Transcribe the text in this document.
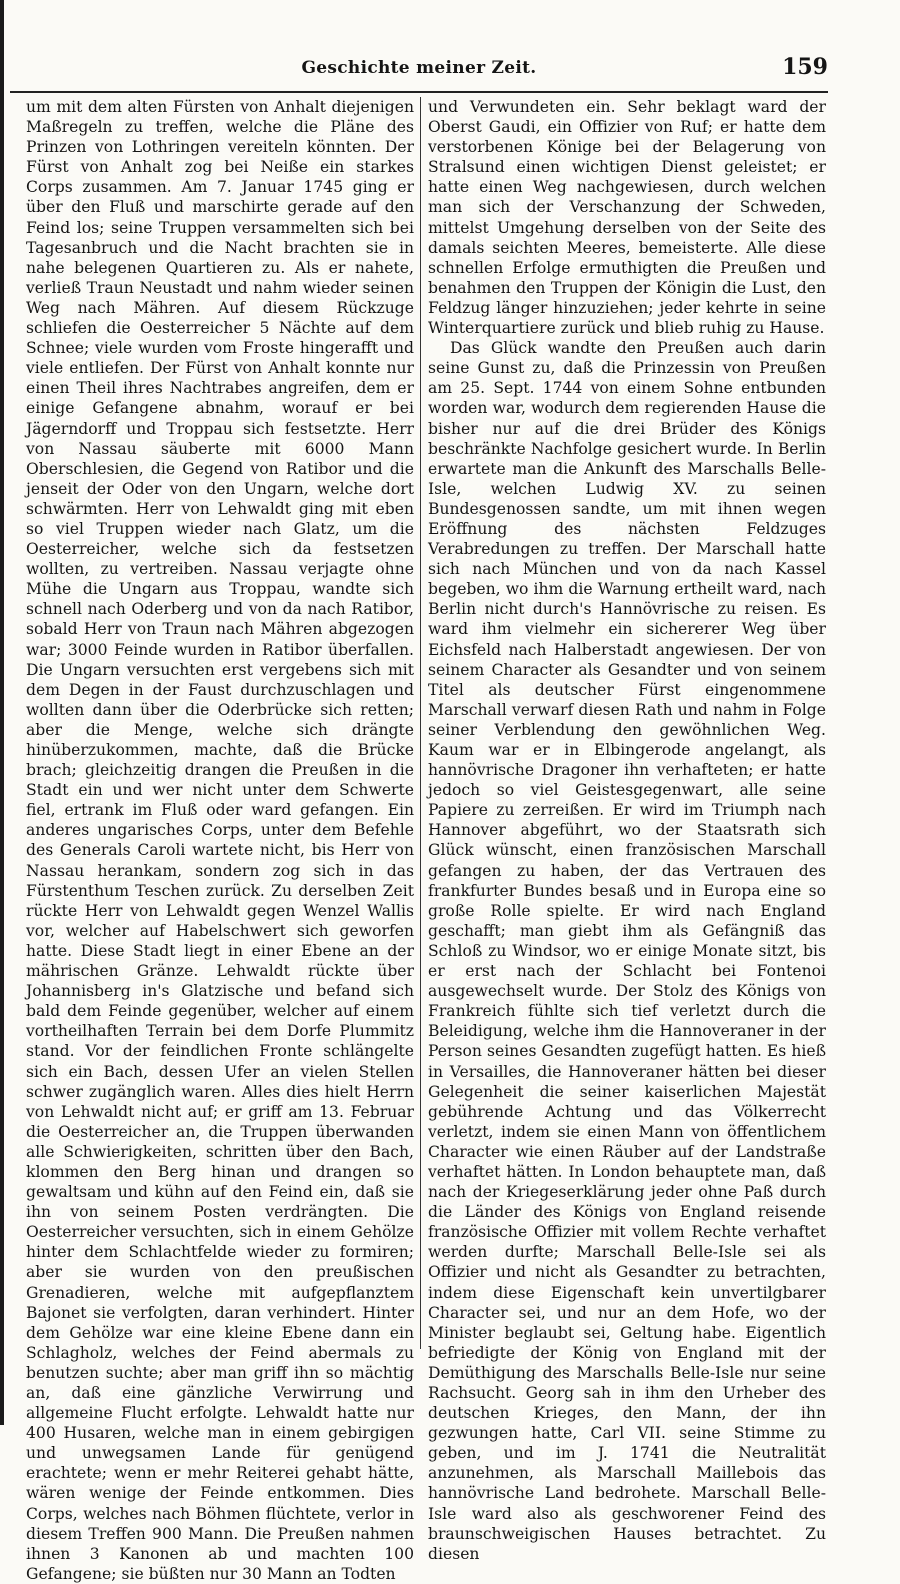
Geschichte meiner Zeit.	159

um mit dem alten Fürsten von Anhalt diejenigen Maßregeln zu treffen, welche die Pläne des Prinzen von Lothringen vereiteln könnten. Der Fürst von Anhalt zog bei Neiße ein starkes Corps zusammen. Am 7. Januar 1745 ging er über den Fluß und marschirte gerade auf den Feind los; seine Truppen versammelten sich bei Tagesanbruch und die Nacht brachten sie in nahe belegenen Quartieren zu. Als er nahete, verließ Traun Neustadt und nahm wieder seinen Weg nach Mähren. Auf diesem Rückzuge schliefen die Oesterreicher 5 Nächte auf dem Schnee; viele wurden vom Froste hingerafft und viele entliefen. Der Fürst von Anhalt konnte nur einen Theil ihres Nachtrabes angreifen, dem er einige Gefangene abnahm, worauf er bei Jägerndorff und Troppau sich festsetzte. Herr von Nassau säuberte mit 6000 Mann Oberschlesien, die Gegend von Ratibor und die jenseit der Oder von den Ungarn, welche dort schwärmten. Herr von Lehwaldt ging mit eben so viel Truppen wieder nach Glatz, um die Oesterreicher, welche sich da festsetzen wollten, zu vertreiben. Nassau verjagte ohne Mühe die Ungarn aus Troppau, wandte sich schnell nach Oderberg und von da nach Ratibor, sobald Herr von Traun nach Mähren abgezogen war; 3000 Feinde wurden in Ratibor überfallen. Die Ungarn versuchten erst vergebens sich mit dem Degen in der Faust durchzuschlagen und wollten dann über die Oderbrücke sich retten; aber die Menge, welche sich drängte hinüberzukommen, machte, daß die Brücke brach; gleichzeitig drangen die Preußen in die Stadt ein und wer nicht unter dem Schwerte fiel, ertrank im Fluß oder ward gefangen. Ein anderes ungarisches Corps, unter dem Befehle des Generals Caroli wartete nicht, bis Herr von Nassau herankam, sondern zog sich in das Fürstenthum Teschen zurück. Zu derselben Zeit rückte Herr von Lehwaldt gegen Wenzel Wallis vor, welcher auf Habelschwert sich geworfen hatte. Diese Stadt liegt in einer Ebene an der mährischen Gränze. Lehwaldt rückte über Johannisberg in's Glatzische und befand sich bald dem Feinde gegenüber, welcher auf einem vortheilhaften Terrain bei dem Dorfe Plummitz stand. Vor der feindlichen Fronte schlängelte sich ein Bach, dessen Ufer an vielen Stellen schwer zugänglich waren. Alles dies hielt Herrn von Lehwaldt nicht auf; er griff am 13. Februar die Oesterreicher an, die Truppen überwanden alle Schwierigkeiten, schritten über den Bach, klommen den Berg hinan und drangen so gewaltsam und kühn auf den Feind ein, daß sie ihn von seinem Posten verdrängten. Die Oesterreicher versuchten, sich in einem Gehölze hinter dem Schlachtfelde wieder zu formiren; aber sie wurden von den preußischen Grenadieren, welche mit aufgepflanztem Bajonet sie verfolgten, daran verhindert. Hinter dem Gehölze war eine kleine Ebene dann ein Schlagholz, welches der Feind abermals zu benutzen suchte; aber man griff ihn so mächtig an, daß eine gänzliche Verwirrung und allgemeine Flucht erfolgte. Lehwaldt hatte nur 400 Husaren, welche man in einem gebirgigen und unwegsamen Lande für genügend erachtete; wenn er mehr Reiterei gehabt hätte, wären wenige der Feinde entkommen. Dies Corps, welches nach Böhmen flüchtete, verlor in diesem Treffen 900 Mann. Die Preußen nahmen ihnen 3 Kanonen ab und machten 100 Gefangene; sie büßten nur 30 Mann an Todten

und Verwundeten ein. Sehr beklagt ward der Oberst Gaudi, ein Offizier von Ruf; er hatte dem verstorbenen Könige bei der Belagerung von Stralsund einen wichtigen Dienst geleistet; er hatte einen Weg nachgewiesen, durch welchen man sich der Verschanzung der Schweden, mittelst Umgehung derselben von der Seite des damals seichten Meeres, bemeisterte. Alle diese schnellen Erfolge ermuthigten die Preußen und benahmen den Truppen der Königin die Lust, den Feldzug länger hinzuziehen; jeder kehrte in seine Winterquartiere zurück und blieb ruhig zu Hause.

Das Glück wandte den Preußen auch darin seine Gunst zu, daß die Prinzessin von Preußen am 25. Sept. 1744 von einem Sohne entbunden worden war, wodurch dem regierenden Hause die bisher nur auf die drei Brüder des Königs beschränkte Nachfolge gesichert wurde. In Berlin erwartete man die Ankunft des Marschalls Belle-Isle, welchen Ludwig XV. zu seinen Bundesgenossen sandte, um mit ihnen wegen Eröffnung des nächsten Feldzuges Verabredungen zu treffen. Der Marschall hatte sich nach München und von da nach Kassel begeben, wo ihm die Warnung ertheilt ward, nach Berlin nicht durch's Hannövrische zu reisen. Es ward ihm vielmehr ein sichererer Weg über Eichsfeld nach Halberstadt angewiesen. Der von seinem Character als Gesandter und von seinem Titel als deutscher Fürst eingenommene Marschall verwarf diesen Rath und nahm in Folge seiner Verblendung den gewöhnlichen Weg. Kaum war er in Elbingerode angelangt, als hannövrische Dragoner ihn verhafteten; er hatte jedoch so viel Geistesgegenwart, alle seine Papiere zu zerreißen. Er wird im Triumph nach Hannover abgeführt, wo der Staatsrath sich Glück wünscht, einen französischen Marschall gefangen zu haben, der das Vertrauen des frankfurter Bundes besaß und in Europa eine so große Rolle spielte. Er wird nach England geschafft; man giebt ihm als Gefängniß das Schloß zu Windsor, wo er einige Monate sitzt, bis er erst nach der Schlacht bei Fontenoi ausgewechselt wurde. Der Stolz des Königs von Frankreich fühlte sich tief verletzt durch die Beleidigung, welche ihm die Hannoveraner in der Person seines Gesandten zugefügt hatten. Es hieß in Versailles, die Hannoveraner hätten bei dieser Gelegenheit die seiner kaiserlichen Majestät gebührende Achtung und das Völkerrecht verletzt, indem sie einen Mann von öffentlichem Character wie einen Räuber auf der Landstraße verhaftet hätten. In London behauptete man, daß nach der Kriegeserklärung jeder ohne Paß durch die Länder des Königs von England reisende französische Offizier mit vollem Rechte verhaftet werden durfte; Marschall Belle-Isle sei als Offizier und nicht als Gesandter zu betrachten, indem diese Eigenschaft kein unvertilgbarer Character sei, und nur an dem Hofe, wo der Minister beglaubt sei, Geltung habe. Eigentlich befriedigte der König von England mit der Demüthigung des Marschalls Belle-Isle nur seine Rachsucht. Georg sah in ihm den Urheber des deutschen Krieges, den Mann, der ihn gezwungen hatte, Carl VII. seine Stimme zu geben, und im J. 1741 die Neutralität anzunehmen, als Marschall Maillebois das hannövrische Land bedrohete. Marschall Belle-Isle ward also als geschworener Feind des braunschweigischen Hauses betrachtet. Zu diesen
